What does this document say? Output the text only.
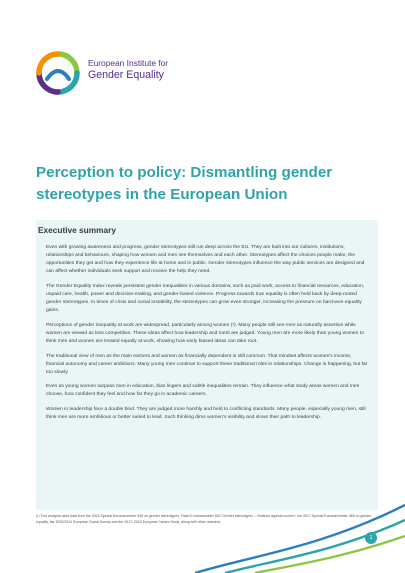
European Institute for
Gender Equality
Perception to policy: Dismantling gender stereotypes in the European Union
Executive summary

Even with growing awareness and progress, gender stereotypes still run deep across the EU. They are built into our cultures, institutions, relationships and behaviours, shaping how women and men see themselves and each other. Stereotypes affect the choices people make, the opportunities they get and how they experience life at home and in public. Gender stereotypes influence the way public services are designed and can affect whether individuals seek support and receive the help they need.

The Gender Equality Index reveals persistent gender inequalities in various domains, such as paid work, access to financial resources, education, unpaid care, health, power and decision-making, and gender-based violence. Progress towards true equality is often held back by deep-rooted gender stereotypes. In times of crisis and social instability, the stereotypes can grow even stronger, increasing the pressure on hard-won equality gains.

Perceptions of gender inequality at work are widespread, particularly among women (¹). Many people still see men as naturally assertive while women are viewed as less competitive. These ideas affect how leadership and merit are judged. Young men are more likely than young women to think men and women are treated equally at work, showing how early biased ideas can take root.

The traditional view of men as the main earners and women as financially dependent is still common. That mindset affects women's income, financial autonomy and career ambitions. Many young men continue to support these traditional roles in relationships. Change is happening, but far too slowly.

Even as young women surpass men in education, bias lingers and subtle inequalities remain. They influence what study areas women and men choose, how confident they feel and how far they go in academic careers.

Women in leadership face a double bind. They are judged more harshly and held to conflicting standards. Many people, especially young men, still think men are more ambitious or better suited to lead. Such thinking dims women's visibility and slows their path to leadership.

(¹) This analysis used data from the 2024 Special Eurobarometer 545 on gender stereotypes, Flash Eurobarometer 544 'Gender stereotypes – Violence against women', the 2017 Special Eurobarometer 465 on gender equality, the 2023/2024 European Social Survey and the 2017–2022 European Values Study, along with other research.
1
